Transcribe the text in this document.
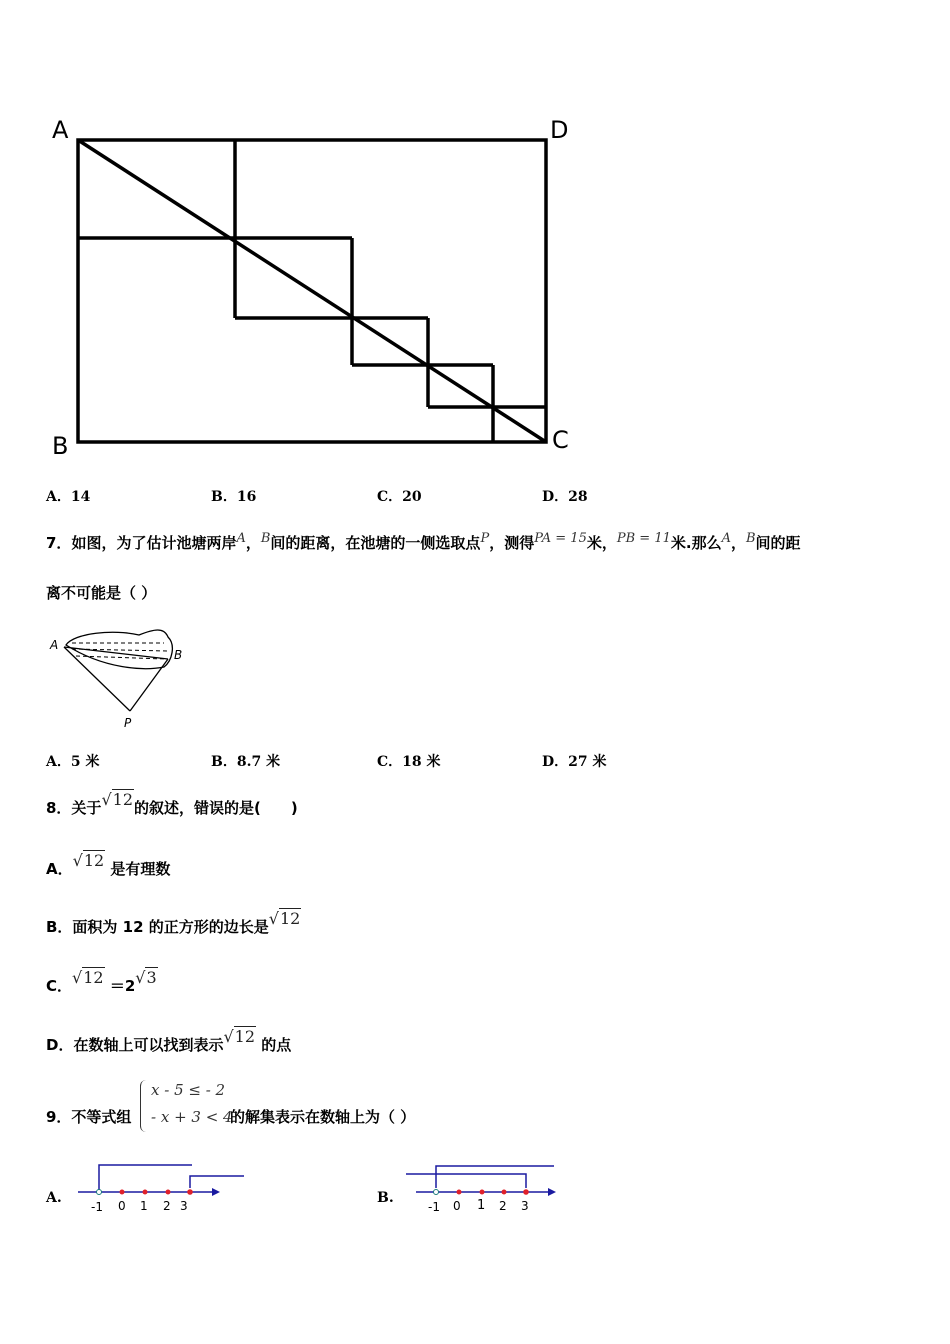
A	D
B	C
A．14	B．16	C．20	D．28
7．如图，为了估计池塘两岸A，B间的距离，在池塘的一侧选取点P，测得PA = 15米，PB = 11米.那么A，B间的距
离不可能是（ ）
A
B
P
A．5 米	B．8.7 米	C．18 米	D．27 米
8．关于√12的叙述，错误的是(　　)
A．√12 是有理数
B．面积为 12 的正方形的边长是√12
C．√12 ＝2√3
D．在数轴上可以找到表示√12 的点
9．不等式组
x - 5 ≤ - 2
- x + 3 < 4
的解集表示在数轴上为（ ）
A.
-1 0 1 2 3	B.
-1 0 1 2 3
